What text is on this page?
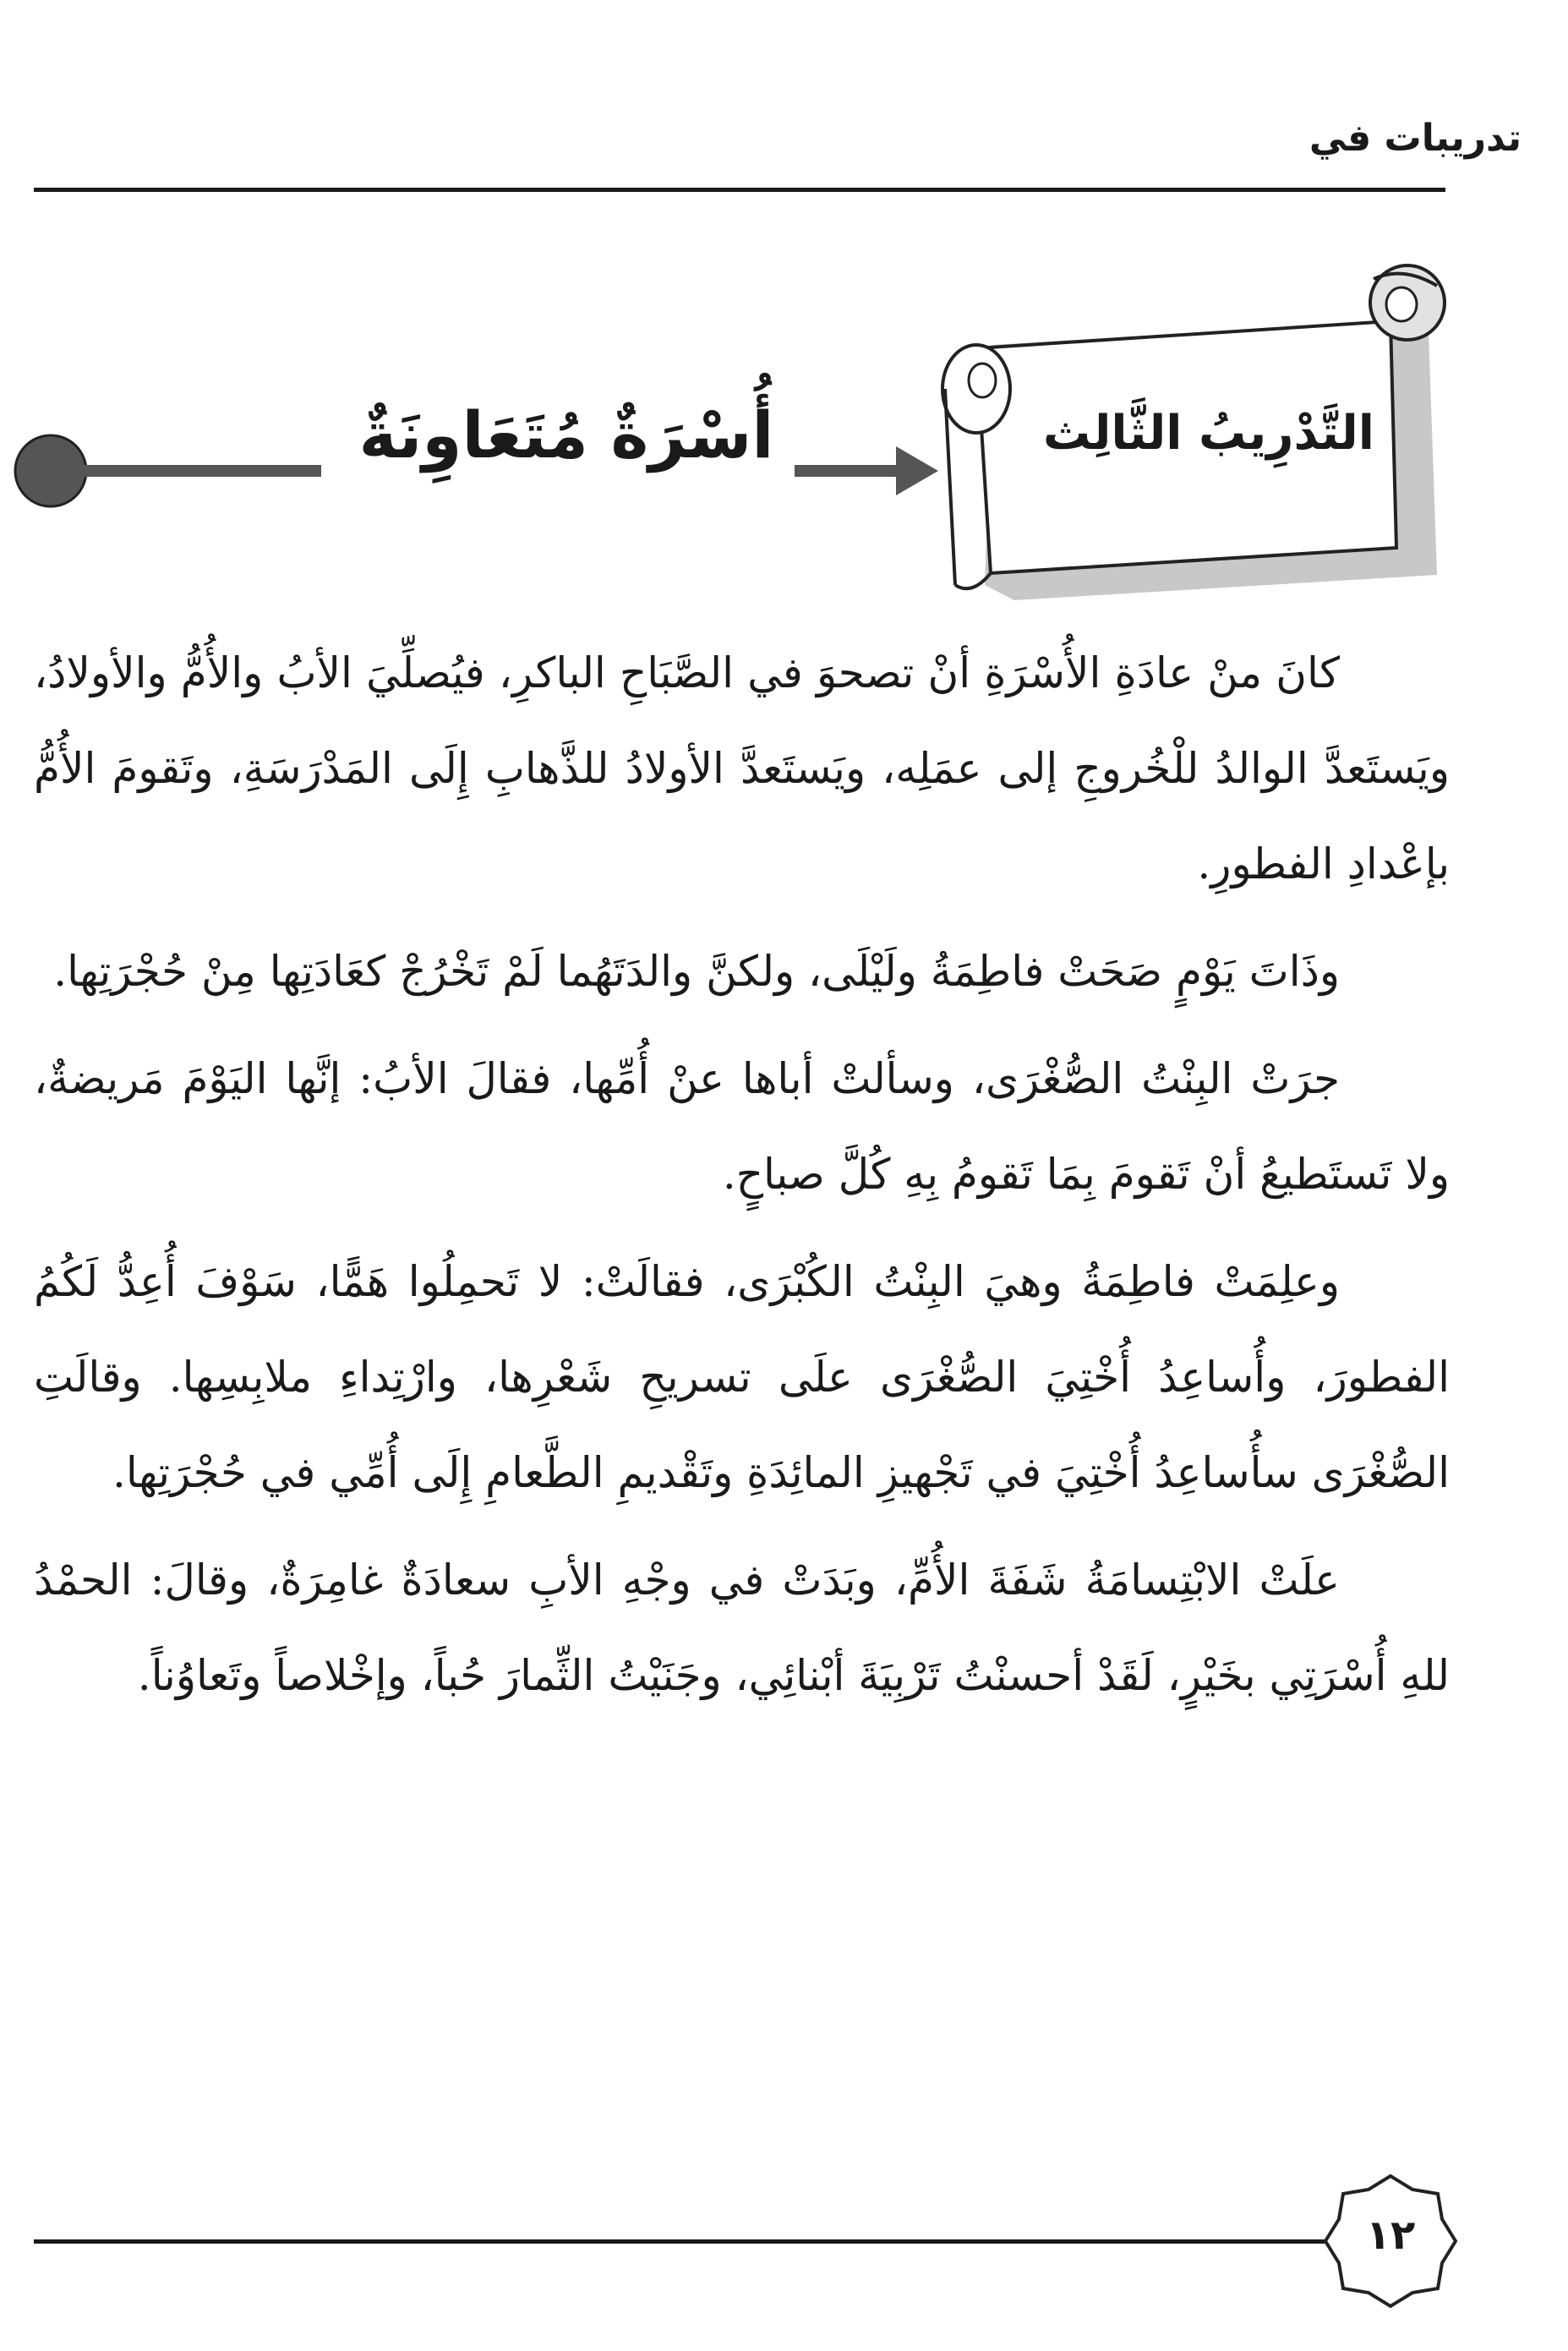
تدريبات في
أُسْرَةٌ مُتَعَاوِنَةٌ	التَّدْرِيبُ الثَّالِث

كانَ منْ عادَةِ الأُسْرَةِ أنْ تصحوَ في الصَّبَاحِ الباكرِ، فيُصلِّيَ الأبُ والأُمُّ والأولادُ، ويَستَعدَّ الوالدُ للْخُروجِ إلى عمَلِه، ويَستَعدَّ الأولادُ للذَّهابِ إِلَى المَدْرَسَةِ، وتَقومَ الأُمُّ بإعْدادِ الفطورِ.

وذَاتَ يَوْمٍ صَحَتْ فاطِمَةُ ولَيْلَى، ولكنَّ والدَتَهُما لَمْ تَخْرُجْ كعَادَتِها مِنْ حُجْرَتِها.

جرَتْ البِنْتُ الصُّغْرَى، وسألتْ أباها عنْ أُمِّها، فقالَ الأبُ: إنَّها اليَوْمَ مَريضةٌ، ولا تَستَطيعُ أنْ تَقومَ بِمَا تَقومُ بِهِ كُلَّ صباحٍ.

وعلِمَتْ فاطِمَةُ وهيَ البِنْتُ الكُبْرَى، فقالَتْ: لا تَحمِلُوا هَمًّا، سَوْفَ أُعِدُّ لَكُمُ الفطورَ، وأُساعِدُ أُخْتِيَ الصُّغْرَى علَى تسريحِ شَعْرِها، وارْتِداءِ ملابِسِها. وقالَتِ الصُّغْرَى سأُساعِدُ أُخْتِيَ في تَجْهيزِ المائِدَةِ وتَقْديمِ الطَّعامِ إِلَى أُمِّي في حُجْرَتِها.

علَتْ الابْتِسامَةُ شَفَةَ الأُمِّ، وبَدَتْ في وجْهِ الأبِ سعادَةٌ غامِرَةٌ، وقالَ: الحمْدُ للهِ أُسْرَتِي بخَيْرٍ، لَقَدْ أحسنْتُ تَرْبِيَةَ أبْنائِي، وجَنَيْتُ الثِّمارَ حُباً، وإخْلاصاً وتَعاوُناً.

١٢
